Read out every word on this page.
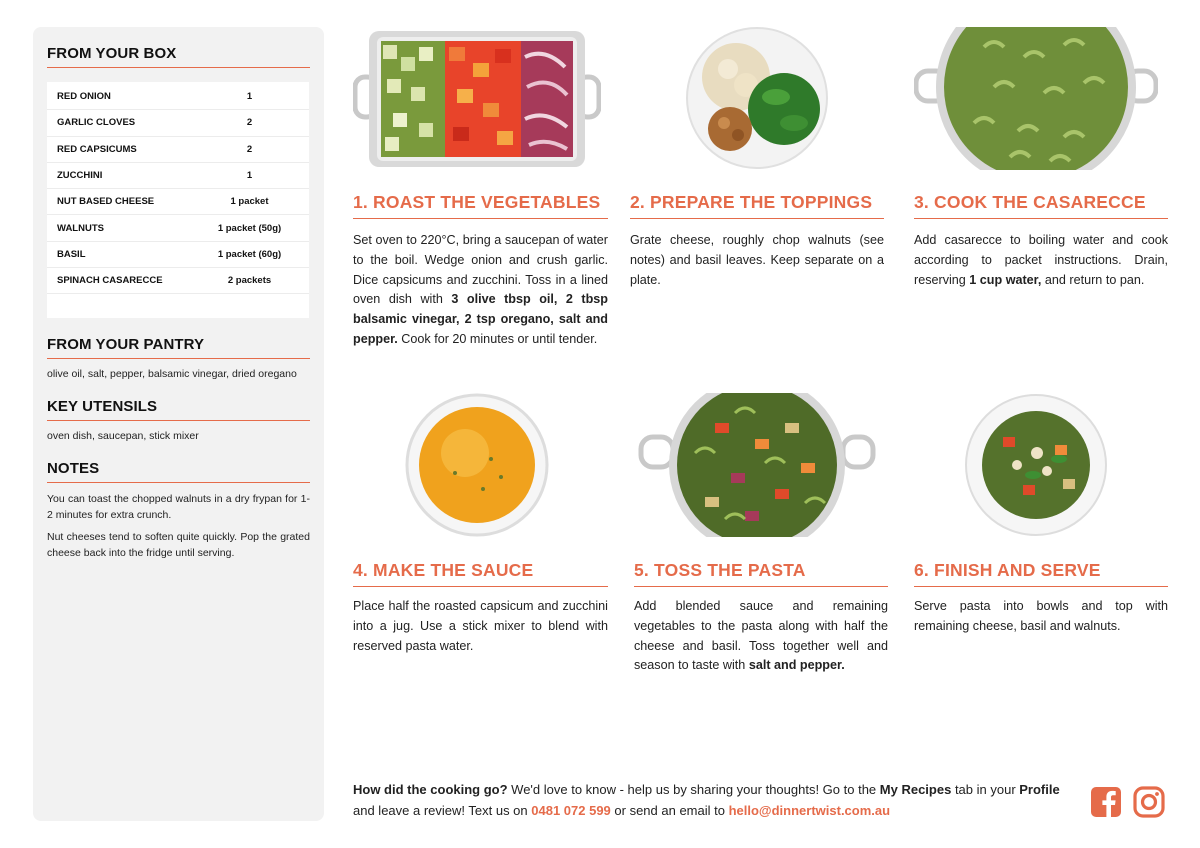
FROM YOUR BOX
RED ONION	1
GARLIC CLOVES	2
RED CAPSICUMS	2
ZUCCHINI	1
NUT BASED CHEESE	1 packet
WALNUTS	1 packet (50g)
BASIL	1 packet (60g)
SPINACH CASARECCE	2 packets
FROM YOUR PANTRY
olive oil, salt, pepper, balsamic vinegar, dried oregano
KEY UTENSILS
oven dish, saucepan, stick mixer
NOTES
You can toast the chopped walnuts in a dry frypan for 1-2 minutes for extra crunch.
Nut cheeses tend to soften quite quickly. Pop the grated cheese back into the fridge until serving.
1. ROAST THE VEGETABLES
Set oven to 220°C, bring a saucepan of water to the boil. Wedge onion and crush garlic. Dice capsicums and zucchini. Toss in a lined oven dish with 3 olive tbsp oil, 2 tbsp balsamic vinegar, 2 tsp oregano, salt and pepper. Cook for 20 minutes or until tender.
2. PREPARE THE TOPPINGS
Grate cheese, roughly chop walnuts (see notes) and basil leaves. Keep separate on a plate.
3. COOK THE CASARECCE
Add casarecce to boiling water and cook according to packet instructions. Drain, reserving 1 cup water, and return to pan.
4. MAKE THE SAUCE
Place half the roasted capsicum and zucchini into a jug. Use a stick mixer to blend with reserved pasta water.
5. TOSS THE PASTA
Add blended sauce and remaining vegetables to the pasta along with half the cheese and basil. Toss together well and season to taste with salt and pepper.
6. FINISH AND SERVE
Serve pasta into bowls and top with remaining cheese, basil and walnuts.
How did the cooking go? We'd love to know - help us by sharing your thoughts! Go to the My Recipes tab in your Profile and leave a review! Text us on 0481 072 599 or send an email to hello@dinnertwist.com.au
